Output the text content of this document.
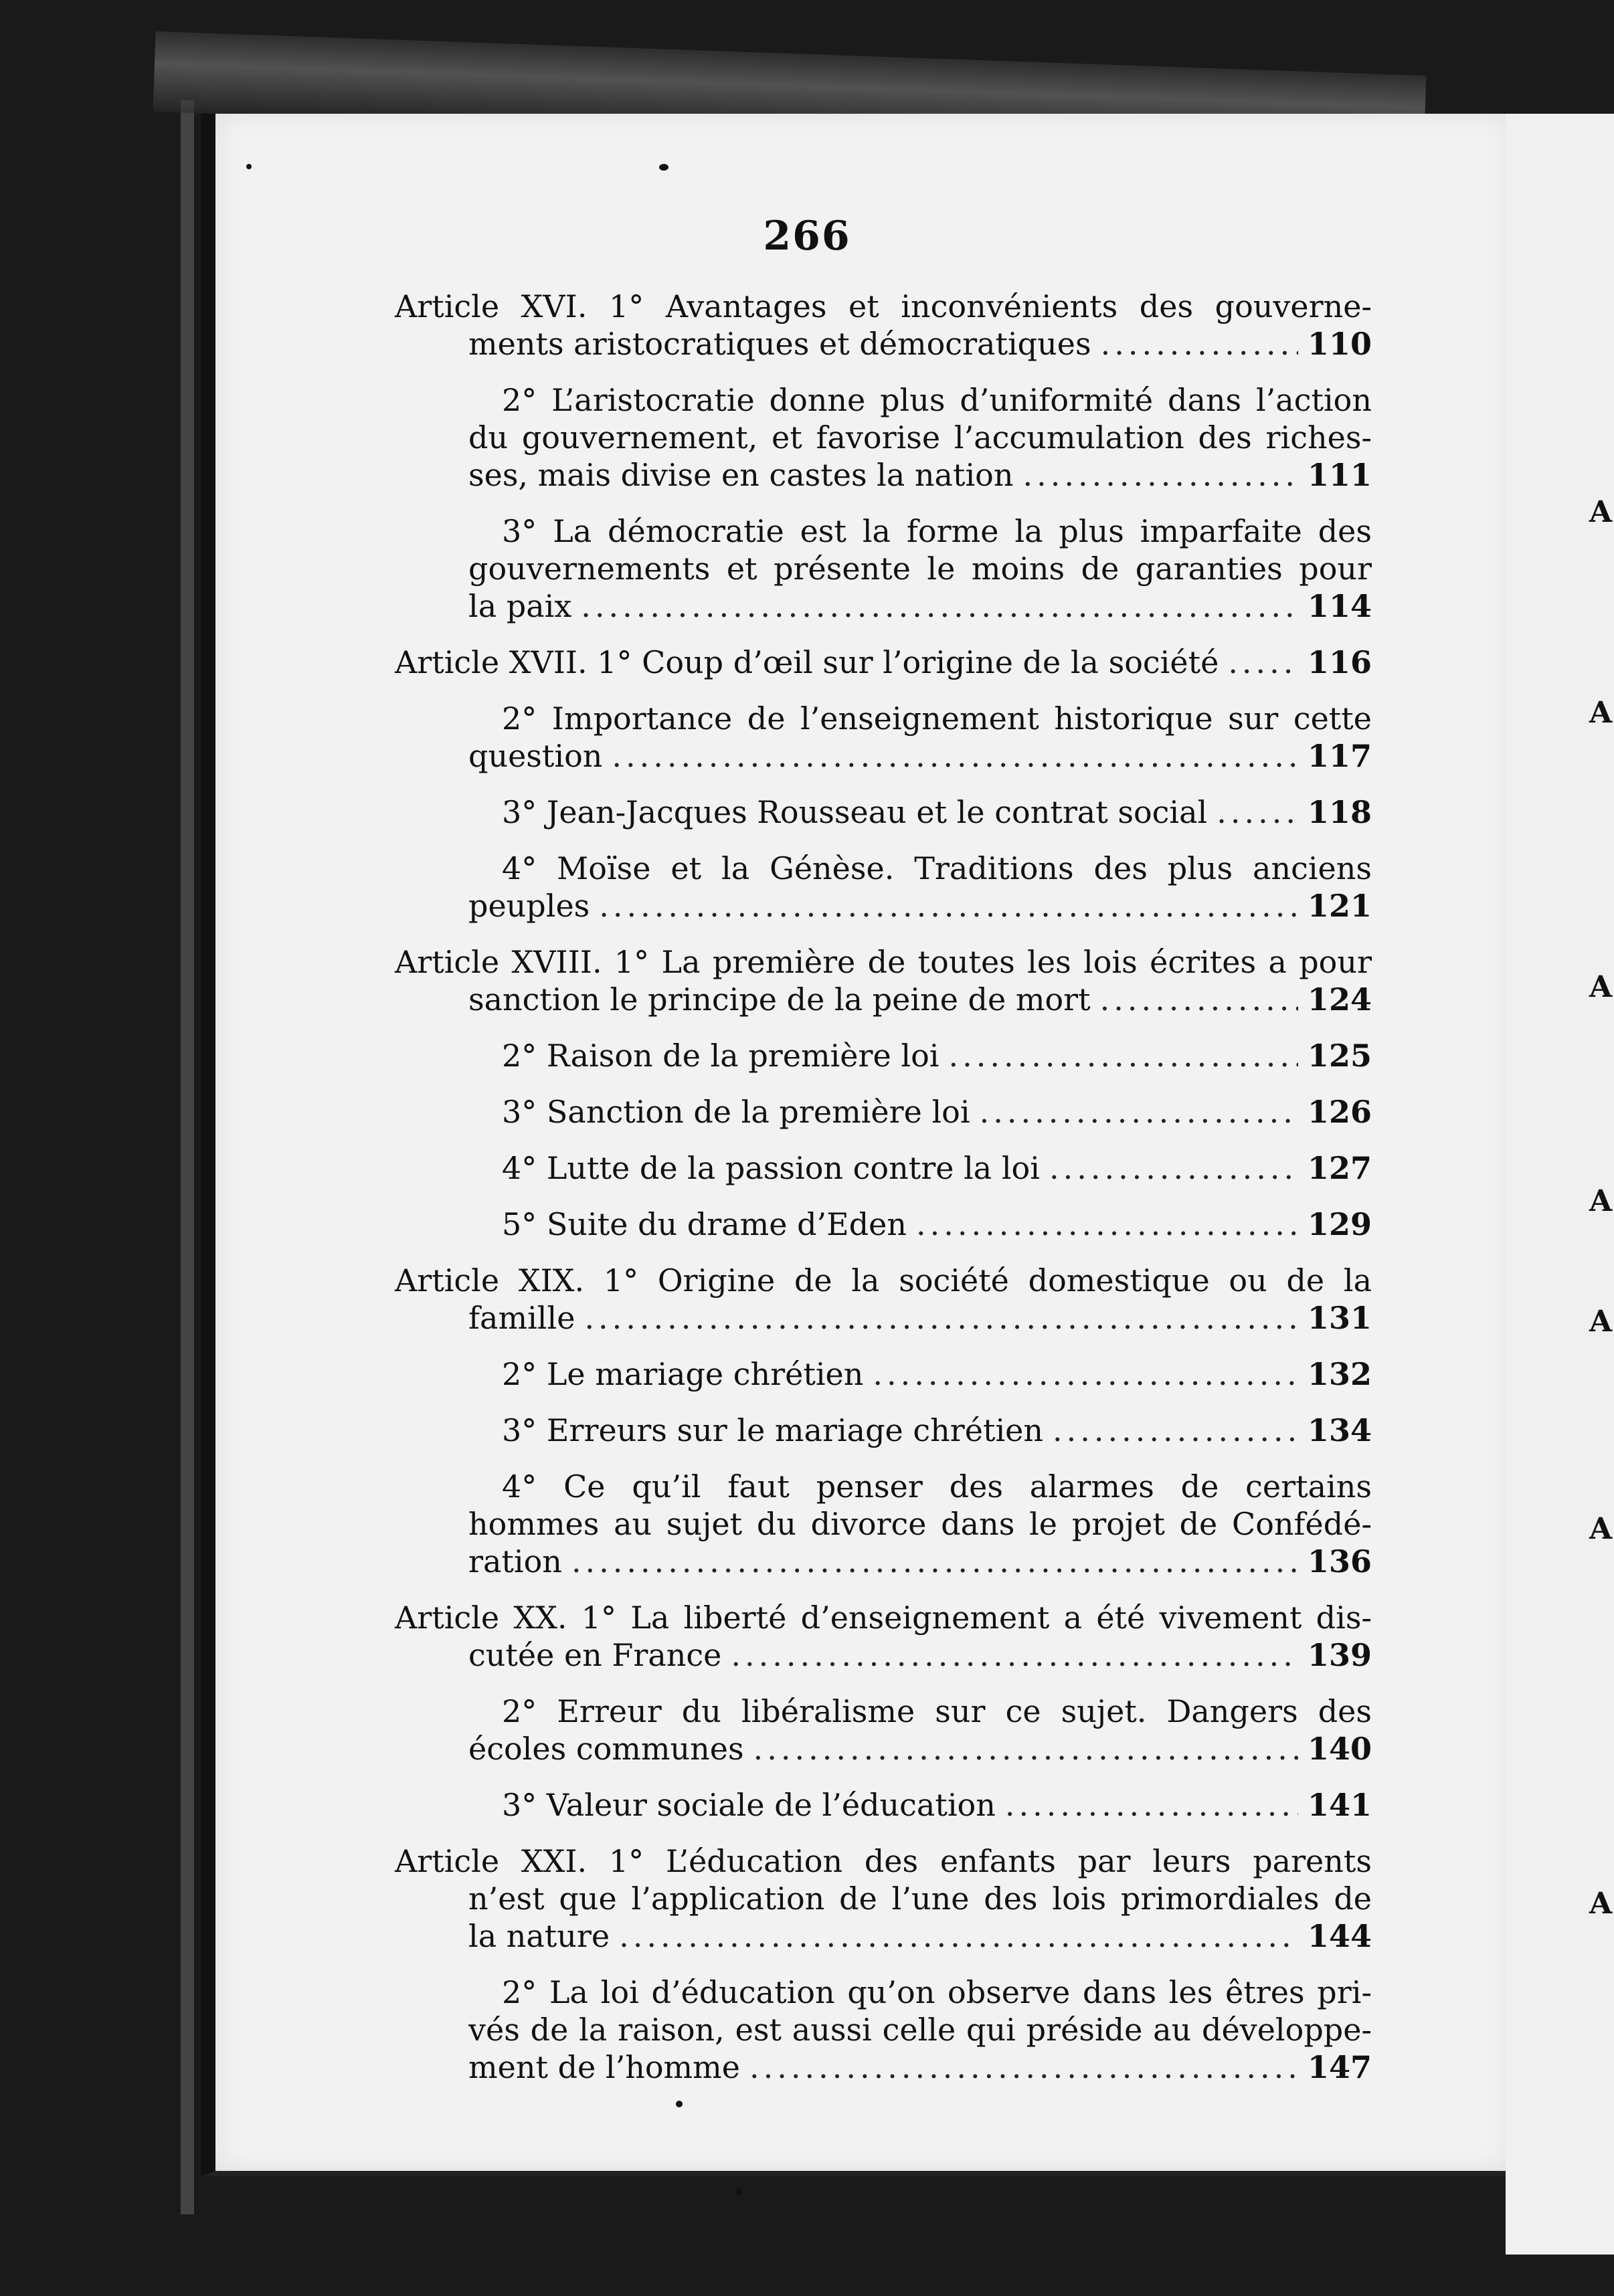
266
Article XVI. 1° Avantages et inconvénients des gouverne-
ments aristocratiques et démocratiques .....	110
2° L’aristocratie donne plus d’uniformité dans l’action
du gouvernement, et favorise l’accumulation des riches-
ses, mais divise en castes la nation .....	111
3° La démocratie est la forme la plus imparfaite des
gouvernements et présente le moins de garanties pour
la paix .....	114
Article XVII. 1° Coup d’œil sur l’origine de la société .....	116
2° Importance de l’enseignement historique sur cette
question .....	117
3° Jean-Jacques Rousseau et le contrat social .....	118
4° Moïse et la Génèse. Traditions des plus anciens
peuples .....	121
Article XVIII. 1° La première de toutes les lois écrites a pour
sanction le principe de la peine de mort .....	124
2° Raison de la première loi .....	125
3° Sanction de la première loi .....	126
4° Lutte de la passion contre la loi .....	127
5° Suite du drame d’Eden .....	129
Article XIX. 1° Origine de la société domestique ou de la
famille .....	131
2° Le mariage chrétien .....	132
3° Erreurs sur le mariage chrétien .....	134
4° Ce qu’il faut penser des alarmes de certains
hommes au sujet du divorce dans le projet de Confédé-
ration .....	136
Article XX. 1° La liberté d’enseignement a été vivement dis-
cutée en France .....	139
2° Erreur du libéralisme sur ce sujet. Dangers des
écoles communes .....	140
3° Valeur sociale de l’éducation .....	141
Article XXI. 1° L’éducation des enfants par leurs parents
n’est que l’application de l’une des lois primordiales de
la nature .....	144
2° La loi d’éducation qu’on observe dans les êtres pri-
vés de la raison, est aussi celle qui préside au développe-
ment de l’homme .....	147
A
A
A
A
A
A
A
